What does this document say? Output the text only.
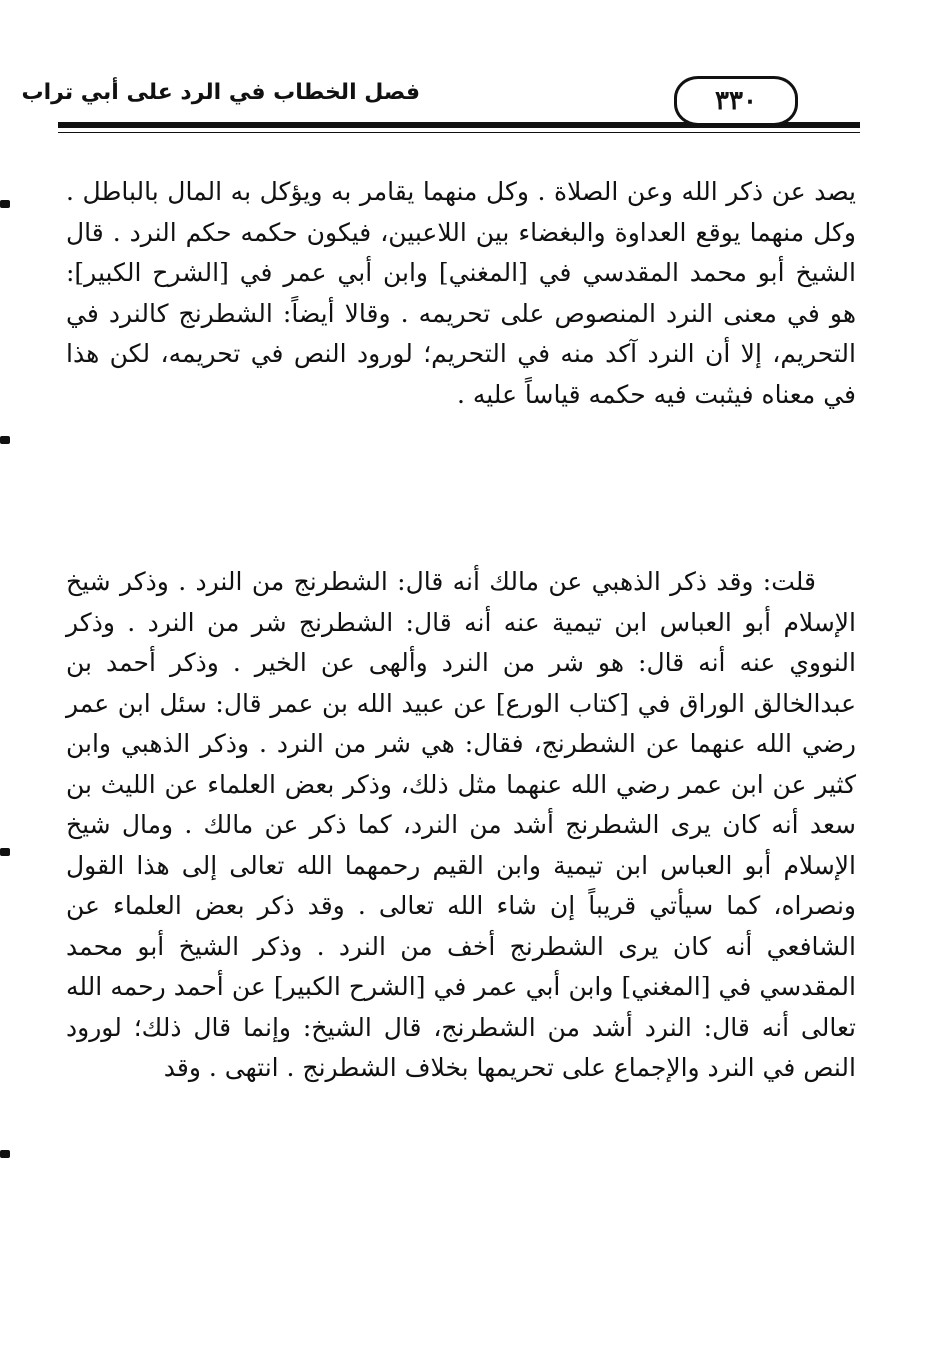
فصل الخطاب في الرد على أبي تراب	٣٣٠
يصد عن ذكر الله وعن الصلاة . وكل منهما يقامر به ويؤكل به المال بالباطل . وكل منهما يوقع العداوة والبغضاء بين اللاعبين، فيكون حكمه حكم النرد . قال الشيخ أبو محمد المقدسي في [المغني] وابن أبي عمر في [الشرح الكبير]: هو في معنى النرد المنصوص على تحريمه . وقالا أيضاً: الشطرنج كالنرد في التحريم، إلا أن النرد آكد منه في التحريم؛ لورود النص في تحريمه، لكن هذا في معناه فيثبت فيه حكمه قياساً عليه .
قلت: وقد ذكر الذهبي عن مالك أنه قال: الشطرنج من النرد . وذكر شيخ الإسلام أبو العباس ابن تيمية عنه أنه قال: الشطرنج شر من النرد . وذكر النووي عنه أنه قال: هو شر من النرد وألهى عن الخير . وذكر أحمد بن عبدالخالق الوراق في [كتاب الورع] عن عبيد الله بن عمر قال: سئل ابن عمر رضي الله عنهما عن الشطرنج، فقال: هي شر من النرد . وذكر الذهبي وابن كثير عن ابن عمر رضي الله عنهما مثل ذلك، وذكر بعض العلماء عن الليث بن سعد أنه كان يرى الشطرنج أشد من النرد، كما ذكر عن مالك . ومال شيخ الإسلام أبو العباس ابن تيمية وابن القيم رحمهما الله تعالى إلى هذا القول ونصراه، كما سيأتي قريباً إن شاء الله تعالى . وقد ذكر بعض العلماء عن الشافعي أنه كان يرى الشطرنج أخف من النرد . وذكر الشيخ أبو محمد المقدسي في [المغني] وابن أبي عمر في [الشرح الكبير] عن أحمد رحمه الله تعالى أنه قال: النرد أشد من الشطرنج، قال الشيخ: وإنما قال ذلك؛ لورود النص في النرد والإجماع على تحريمها بخلاف الشطرنج . انتهى . وقد
